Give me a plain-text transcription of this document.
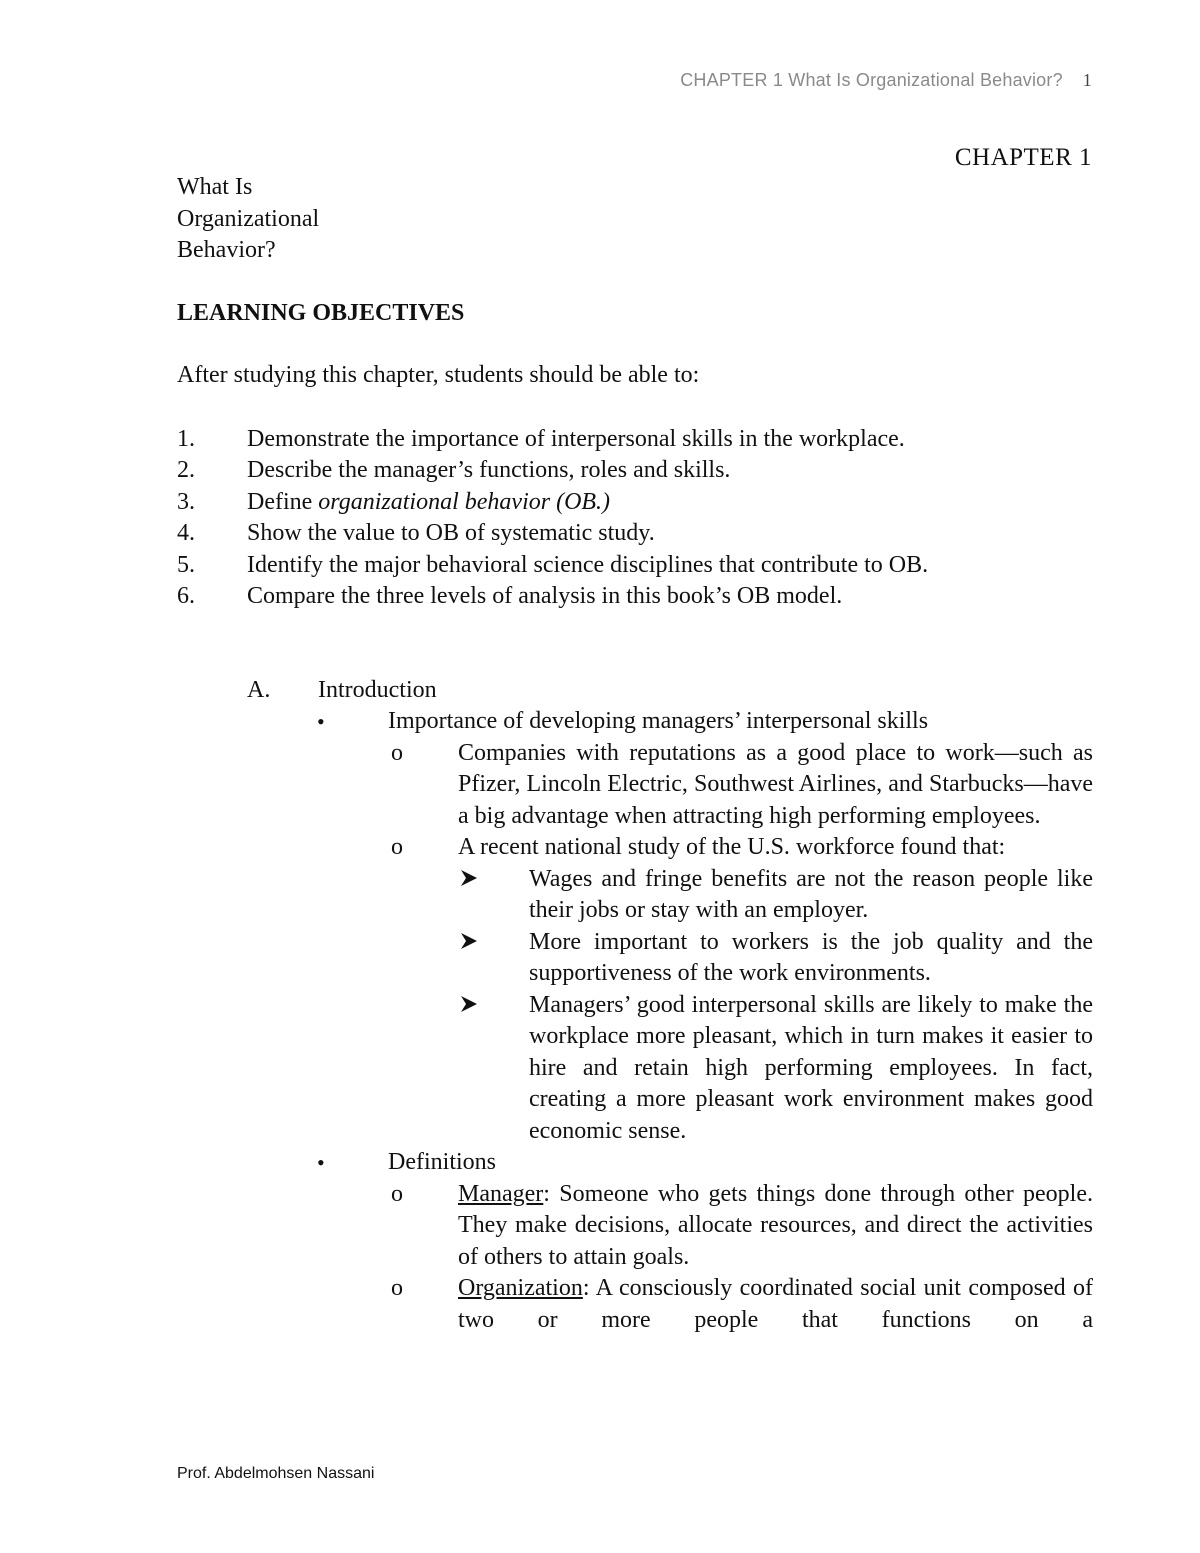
CHAPTER 1 What Is Organizational Behavior? 1
CHAPTER 1
What Is
Organizational
Behavior?
LEARNING OBJECTIVES
After studying this chapter, students should be able to:
1. Demonstrate the importance of interpersonal skills in the workplace.
2. Describe the manager’s functions, roles and skills.
3. Define organizational behavior (OB.)
4. Show the value to OB of systematic study.
5. Identify the major behavioral science disciplines that contribute to OB.
6. Compare the three levels of analysis in this book’s OB model.
A. Introduction
•	Importance of developing managers’ interpersonal skills
o Companies with reputations as a good place to work—such as Pfizer, Lincoln Electric, Southwest Airlines, and Starbucks—have a big advantage when attracting high performing employees.
o A recent national study of the U.S. workforce found that:
Wages and fringe benefits are not the reason people like their jobs or stay with an employer.
More important to workers is the job quality and the supportiveness of the work environments.
Managers’ good interpersonal skills are likely to make the workplace more pleasant, which in turn makes it easier to hire and retain high performing employees. In fact, creating a more pleasant work environment makes good economic sense.
•	Definitions
o Manager: Someone who gets things done through other people. They make decisions, allocate resources, and direct the activities of others to attain goals.
o Organization: A consciously coordinated social unit composed of two or more people that functions on a
Prof. Abdelmohsen Nassani
